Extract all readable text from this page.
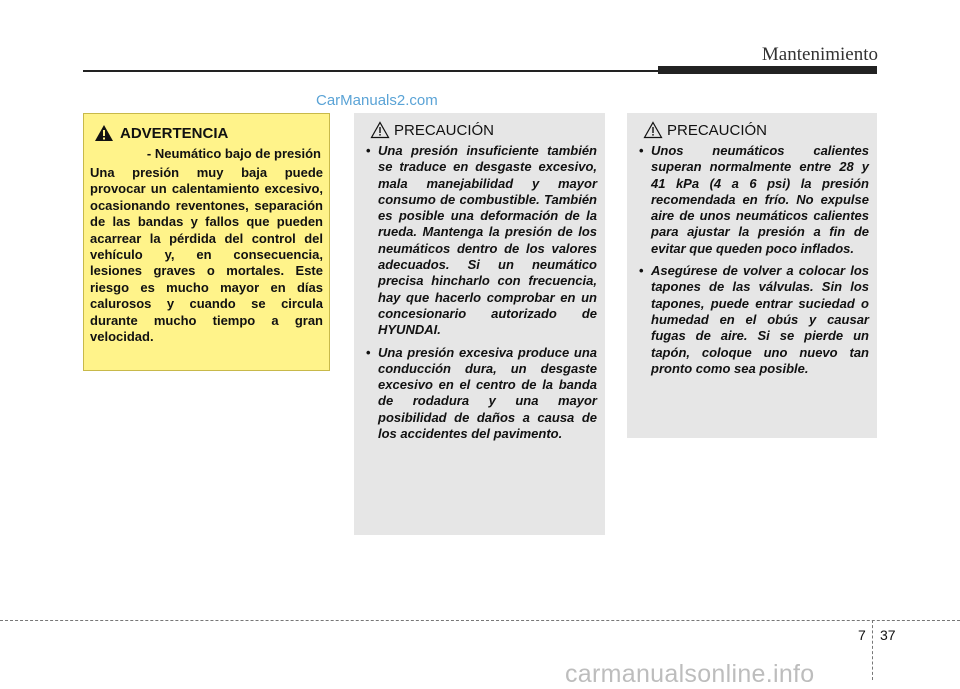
Mantenimiento
CarManuals2.com
ADVERTENCIA
- Neumático bajo de presión
Una presión muy baja puede provocar un calentamiento excesivo, ocasionando reventones, separación de las bandas y fallos que pueden acarrear la pérdida del control del vehículo y, en consecuencia, lesiones graves o mortales. Este riesgo es mucho mayor en días calurosos y cuando se circula durante mucho tiempo a gran velocidad.
PRECAUCIÓN
• Una presión insuficiente también se traduce en desgaste excesivo, mala manejabilidad y mayor consumo de combustible. También es posible una deformación de la rueda. Mantenga la presión de los neumáticos dentro de los valores adecuados. Si un neumático precisa hincharlo con frecuencia, hay que hacerlo comprobar en un concesionario autorizado de HYUNDAI.
• Una presión excesiva produce una conducción dura, un desgaste excesivo en el centro de la banda de rodadura y una mayor posibilidad de daños a causa de los accidentes del pavimento.
PRECAUCIÓN
• Unos neumáticos calientes superan normalmente entre 28 y 41 kPa (4 a 6 psi) la presión recomendada en frío. No expulse aire de unos neumáticos calientes para ajustar la presión a fin de evitar que queden poco inflados.
• Asegúrese de volver a colocar los tapones de las válvulas. Sin los tapones, puede entrar suciedad o humedad en el obús y causar fugas de aire. Si se pierde un tapón, coloque uno nuevo tan pronto como sea posible.
7 37
carmanualsonline.info
